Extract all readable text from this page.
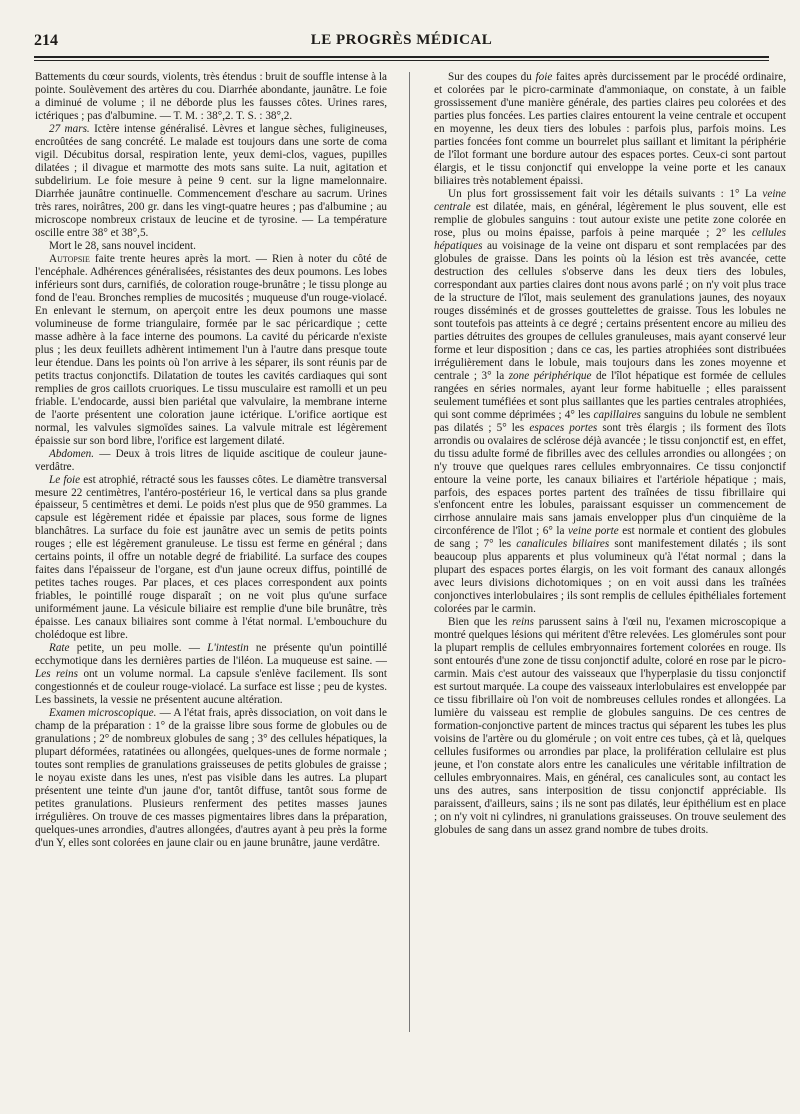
214	LE PROGRÈS MÉDICAL

Battements du cœur sourds, violents, très étendus : bruit de souffle intense à la pointe. Soulèvement des artères du cou. Diarrhée abondante, jaunâtre. Le foie a diminué de volume ; il ne déborde plus les fausses côtes. Urines rares, ictériques ; pas d'albumine. — T. M. : 38°,2. T. S. : 38°,2.

27 mars. Ictère intense généralisé. Lèvres et langue sèches, fuligineuses, encroûtées de sang concrété. Le malade est toujours dans une sorte de coma vigil. Décubitus dorsal, respiration lente, yeux demi-clos, vagues, pupilles dilatées ; il divague et marmotte des mots sans suite. La nuit, agitation et subdelirium. Le foie mesure à peine 9 cent. sur la ligne mamelonnaire. Diarrhée jaunâtre continuelle. Commencement d'eschare au sacrum. Urines très rares, noirâtres, 200 gr. dans les vingt-quatre heures ; pas d'albumine ; au microscope nombreux cristaux de leucine et de tyrosine. — La température oscille entre 38° et 38°,5.

Mort le 28, sans nouvel incident.

Autopsie faite trente heures après la mort. — Rien à noter du côté de l'encéphale. Adhérences généralisées, résistantes des deux poumons. Les lobes inférieurs sont durs, carnifiés, de coloration rouge-brunâtre ; le tissu plonge au fond de l'eau. Bronches remplies de mucosités ; muqueuse d'un rouge-violacé. En enlevant le sternum, on aperçoit entre les deux poumons une masse volumineuse de forme triangulaire, formée par le sac péricardique ; cette masse adhère à la face interne des poumons. La cavité du péricarde n'existe plus ; les deux feuillets adhèrent intimement l'un à l'autre dans presque toute leur étendue. Dans les points où l'on arrive à les séparer, ils sont réunis par de petits tractus conjonctifs. Dilatation de toutes les cavités cardiaques qui sont remplies de gros caillots cruoriques. Le tissu musculaire est ramolli et un peu friable. L'endocarde, aussi bien pariétal que valvulaire, la membrane interne de l'aorte présentent une coloration jaune ictérique. L'orifice aortique est normal, les valvules sigmoïdes saines. La valvule mitrale est légèrement épaissie sur son bord libre, l'orifice est largement dilaté.

Abdomen. — Deux à trois litres de liquide ascitique de couleur jaune-verdâtre.

Le foie est atrophié, rétracté sous les fausses côtes. Le diamètre transversal mesure 22 centimètres, l'antéro-postérieur 16, le vertical dans sa plus grande épaisseur, 5 centimètres et demi. Le poids n'est plus que de 950 grammes. La capsule est légèrement ridée et épaissie par places, sous forme de lignes blanchâtres. La surface du foie est jaunâtre avec un semis de petits points rouges ; elle est légèrement granuleuse. Le tissu est ferme en général ; dans certains points, il offre un notable degré de friabilité. La surface des coupes faites dans l'épaisseur de l'organe, est d'un jaune ocreux diffus, pointillé de petites taches rouges. Par places, et ces places correspondent aux points friables, le pointillé rouge disparaît ; on ne voit plus qu'une surface uniformément jaune. La vésicule biliaire est remplie d'une bile brunâtre, très épaisse. Les canaux biliaires sont comme à l'état normal. L'embouchure du cholédoque est libre.

Rate petite, un peu molle. — L'intestin ne présente qu'un pointillé ecchymotique dans les dernières parties de l'iléon. La muqueuse est saine. — Les reins ont un volume normal. La capsule s'enlève facilement. Ils sont congestionnés et de couleur rouge-violacé. La surface est lisse ; peu de kystes. Les bassinets, la vessie ne présentent aucune altération.

Examen microscopique. — A l'état frais, après dissociation, on voit dans le champ de la préparation : 1° de la graisse libre sous forme de globules ou de granulations ; 2° de nombreux globules de sang ; 3° des cellules hépatiques, la plupart déformées, ratatinées ou allongées, quelques-unes de forme normale ; toutes sont remplies de granulations graisseuses de petits globules de graisse ; le noyau existe dans les unes, n'est pas visible dans les autres. La plupart présentent une teinte d'un jaune d'or, tantôt diffuse, tantôt sous forme de petites granulations. Plusieurs renferment des petites masses jaunes irrégulières. On trouve de ces masses pigmentaires libres dans la préparation, quelques-unes arrondies, d'autres allongées, d'autres ayant à peu près la forme d'un Y, elles sont colorées en jaune clair ou en jaune brunâtre, jaune verdâtre.

Sur des coupes du foie faites après durcissement par le procédé ordinaire, et colorées par le picro-carminate d'ammoniaque, on constate, à un faible grossissement d'une manière générale, des parties claires peu colorées et des parties plus foncées. Les parties claires entourent la veine centrale et occupent en moyenne, les deux tiers des lobules : parfois plus, parfois moins. Les parties foncées font comme un bourrelet plus saillant et limitant la périphérie de l'îlot formant une bordure autour des espaces portes. Ceux-ci sont partout élargis, et le tissu conjonctif qui enveloppe la veine porte et les canaux biliaires très notablement épaissi.

Un plus fort grossissement fait voir les détails suivants : 1° La veine centrale est dilatée, mais, en général, légèrement le plus souvent, elle est remplie de globules sanguins : tout autour existe une petite zone colorée en rose, plus ou moins épaisse, parfois à peine marquée ; 2° les cellules hépatiques au voisinage de la veine ont disparu et sont remplacées par des globules de graisse. Dans les points où la lésion est très avancée, cette destruction des cellules s'observe dans les deux tiers des lobules, correspondant aux parties claires dont nous avons parlé ; on n'y voit plus trace de la structure de l'îlot, mais seulement des granulations jaunes, des noyaux rouges disséminés et de grosses gouttelettes de graisse. Tous les lobules ne sont toutefois pas atteints à ce degré ; certains présentent encore au milieu des parties détruites des groupes de cellules granuleuses, mais ayant conservé leur forme et leur disposition ; dans ce cas, les parties atrophiées sont distribuées irrégulièrement dans le lobule, mais toujours dans les zones moyenne et centrale ; 3° la zone périphérique de l'îlot hépatique est formée de cellules rangées en séries normales, ayant leur forme habituelle ; elles paraissent seulement tuméfiées et sont plus saillantes que les parties centrales atrophiées, qui sont comme déprimées ; 4° les capillaires sanguins du lobule ne semblent pas dilatés ; 5° les espaces portes sont très élargis ; ils forment des îlots arrondis ou ovalaires de sclérose déjà avancée ; le tissu conjonctif est, en effet, du tissu adulte formé de fibrilles avec des cellules arrondies ou allongées ; on n'y trouve que quelques rares cellules embryonnaires. Ce tissu conjonctif entoure la veine porte, les canaux biliaires et l'artériole hépatique ; mais, parfois, des espaces portes partent des traînées de tissu fibrillaire qui s'enfoncent entre les lobules, paraissant esquisser un commencement de cirrhose annulaire mais sans jamais envelopper plus d'un cinquième de la circonférence de l'îlot ; 6° la veine porte est normale et contient des globules de sang ; 7° les canalicules biliaires sont manifestement dilatés ; ils sont beaucoup plus apparents et plus volumineux qu'à l'état normal ; dans la plupart des espaces portes élargis, on les voit formant des canaux allongés avec leurs divisions dichotomiques ; on en voit aussi dans les traînées conjonctives interlobulaires ; ils sont remplis de cellules épithéliales fortement colorées par le carmin.

Bien que les reins parussent sains à l'œil nu, l'examen microscopique a montré quelques lésions qui méritent d'être relevées. Les glomérules sont pour la plupart remplis de cellules embryonnaires fortement colorées en rouge. Ils sont entourés d'une zone de tissu conjonctif adulte, coloré en rose par le picro-carmin. Mais c'est autour des vaisseaux que l'hyperplasie du tissu conjonctif est surtout marquée. La coupe des vaisseaux interlobulaires est enveloppée par ce tissu fibrillaire où l'on voit de nombreuses cellules rondes et allongées. La lumière du vaisseau est remplie de globules sanguins. De ces centres de formation-conjonctive partent de minces tractus qui séparent les tubes les plus voisins de l'artère ou du glomérule ; on voit entre ces tubes, çà et là, quelques cellules fusiformes ou arrondies par place, la prolifération cellulaire est plus jeune, et l'on constate alors entre les canalicules une véritable infiltration de cellules embryonnaires. Mais, en général, ces canalicules sont, au contact les uns des autres, sans interposition de tissu conjonctif appréciable. Ils paraissent, d'ailleurs, sains ; ils ne sont pas dilatés, leur épithélium est en place ; on n'y voit ni cylindres, ni granulations graisseuses. On trouve seulement des globules de sang dans un assez grand nombre de tubes droits.
